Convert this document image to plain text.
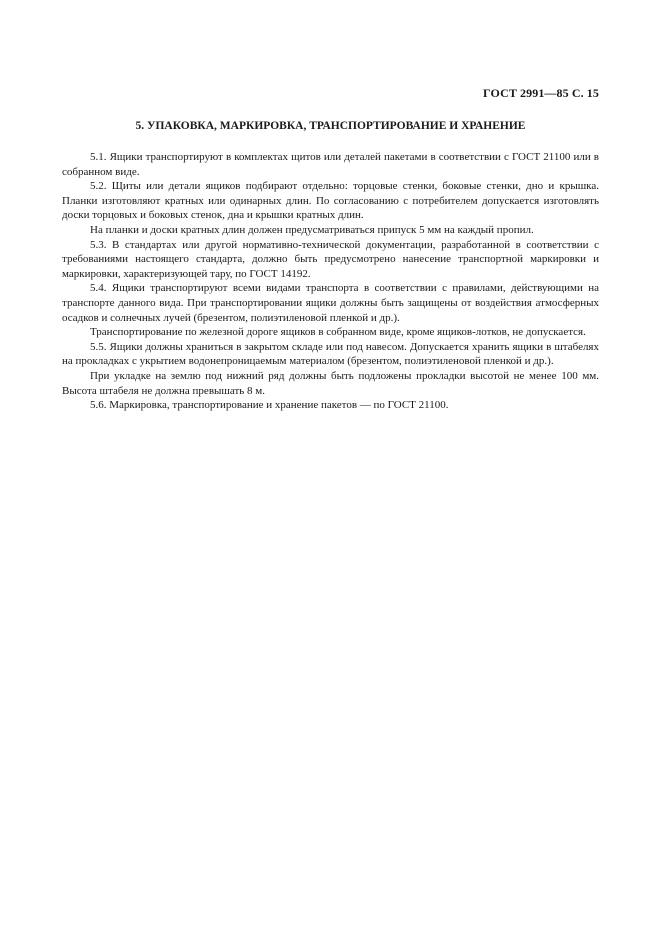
ГОСТ 2991—85 С. 15
5. УПАКОВКА, МАРКИРОВКА, ТРАНСПОРТИРОВАНИЕ И ХРАНЕНИЕ

5.1. Ящики транспортируют в комплектах щитов или деталей пакетами в соответствии с ГОСТ 21100 или в собранном виде.

5.2. Щиты или детали ящиков подбирают отдельно: торцовые стенки, боковые стенки, дно и крышка. Планки изготовляют кратных или одинарных длин. По согласованию с потребителем допускается изготовлять доски торцовых и боковых стенок, дна и крышки кратных длин.

На планки и доски кратных длин должен предусматриваться припуск 5 мм на каждый пропил.

5.3. В стандартах или другой нормативно-технической документации, разработанной в соответствии с требованиями настоящего стандарта, должно быть предусмотрено нанесение транспортной маркировки и маркировки, характеризующей тару, по ГОСТ 14192.

5.4. Ящики транспортируют всеми видами транспорта в соответствии с правилами, действующими на транспорте данного вида. При транспортировании ящики должны быть защищены от воздействия атмосферных осадков и солнечных лучей (брезентом, полиэтиленовой пленкой и др.).

Транспортирование по железной дороге ящиков в собранном виде, кроме ящиков-лотков, не допускается.

5.5. Ящики должны храниться в закрытом складе или под навесом. Допускается хранить ящики в штабелях на прокладках с укрытием водонепроницаемым материалом (брезентом, полиэтиленовой пленкой и др.).

При укладке на землю под нижний ряд должны быть подложены прокладки высотой не менее 100 мм. Высота штабеля не должна превышать 8 м.

5.6. Маркировка, транспортирование и хранение пакетов — по ГОСТ 21100.
